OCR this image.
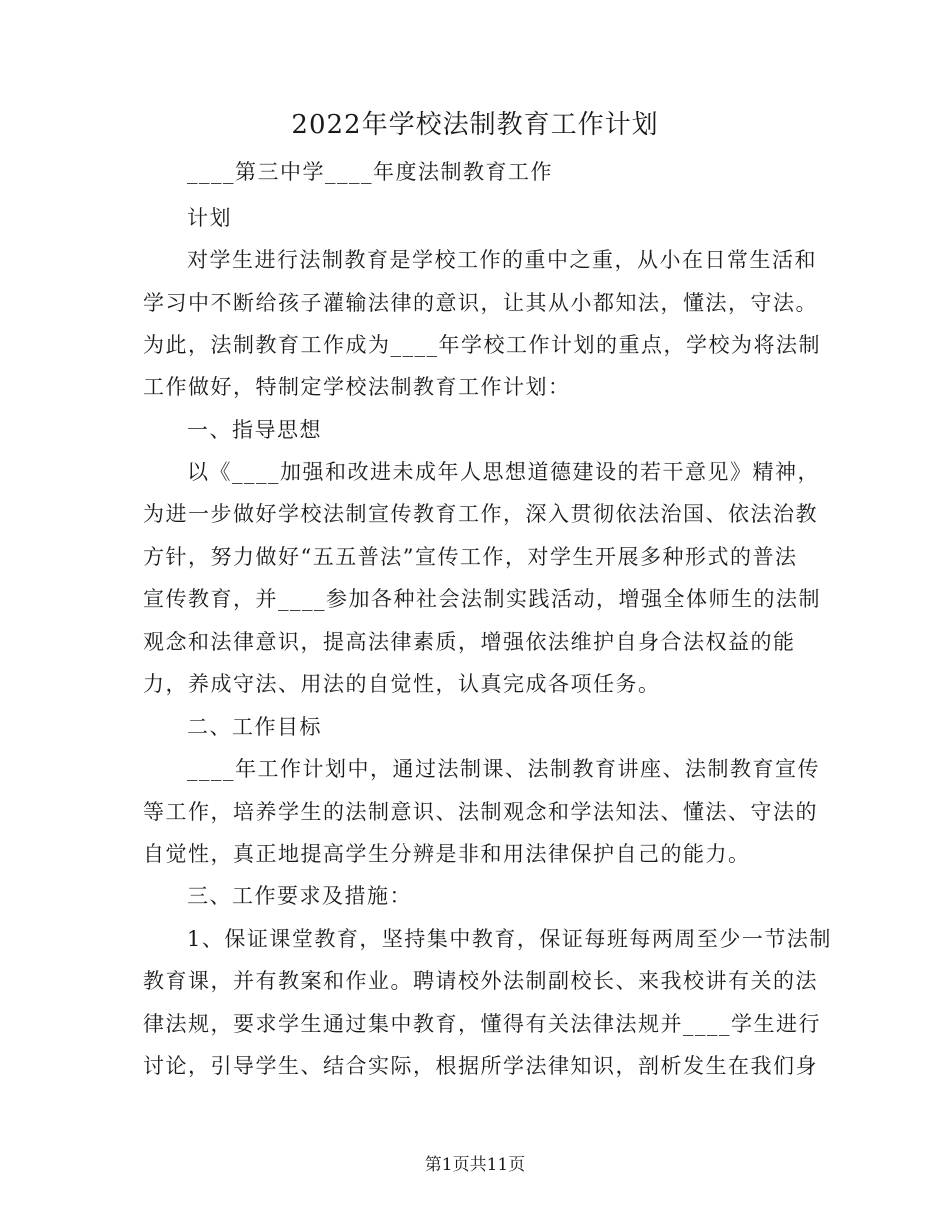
2022年学校法制教育工作计划
____第三中学____年度法制教育工作
计划
对学生进行法制教育是学校工作的重中之重，从小在日常生活和
学习中不断给孩子灌输法律的意识，让其从小都知法，懂法，守法。
为此，法制教育工作成为____年学校工作计划的重点，学校为将法制
工作做好，特制定学校法制教育工作计划：
一、指导思想
以《____加强和改进未成年人思想道德建设的若干意见》精神，
为进一步做好学校法制宣传教育工作，深入贯彻依法治国、依法治教
方针，努力做好“五五普法”宣传工作，对学生开展多种形式的普法
宣传教育，并____参加各种社会法制实践活动，增强全体师生的法制
观念和法律意识，提高法律素质，增强依法维护自身合法权益的能
力，养成守法、用法的自觉性，认真完成各项任务。
二、工作目标
____年工作计划中，通过法制课、法制教育讲座、法制教育宣传
等工作，培养学生的法制意识、法制观念和学法知法、懂法、守法的
自觉性，真正地提高学生分辨是非和用法律保护自己的能力。
三、工作要求及措施：
1、保证课堂教育，坚持集中教育，保证每班每两周至少一节法制
教育课，并有教案和作业。聘请校外法制副校长、来我校讲有关的法
律法规，要求学生通过集中教育，懂得有关法律法规并____学生进行
讨论，引导学生、结合实际，根据所学法律知识，剖析发生在我们身
第1页共11页
